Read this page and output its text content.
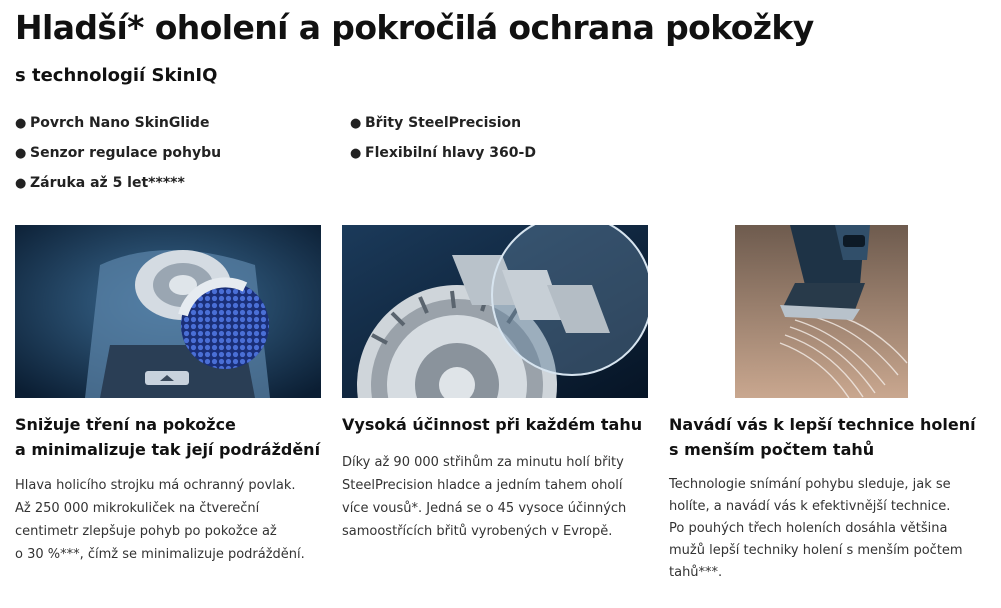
Hladší* oholení a pokročilá ochrana pokožky
s technologií SkinIQ
● Povrch Nano SkinGlide	● Břity SteelPrecision
● Senzor regulace pohybu	● Flexibilní hlavy 360-D
● Záruka až 5 let*****
Snižuje tření na pokožce
a minimalizuje tak její podráždění

Hlava holicího strojku má ochranný povlak.
Až 250 000 mikrokuliček na čtvereční
centimetr zlepšuje pohyb po pokožce až
o 30 %***, čímž se minimalizuje podráždění.

Vysoká účinnost při každém tahu

Díky až 90 000 střihům za minutu holí břity
SteelPrecision hladce a jedním tahem oholí
více vousů*. Jedná se o 45 vysoce účinných
samoostřících břitů vyrobených v Evropě.

Navádí vás k lepší technice holení
s menším počtem tahů

Technologie snímání pohybu sleduje, jak se
holíte, a navádí vás k efektivnější technice.
Po pouhých třech holeních dosáhla většina
mužů lepší techniky holení s menším počtem
tahů***.
